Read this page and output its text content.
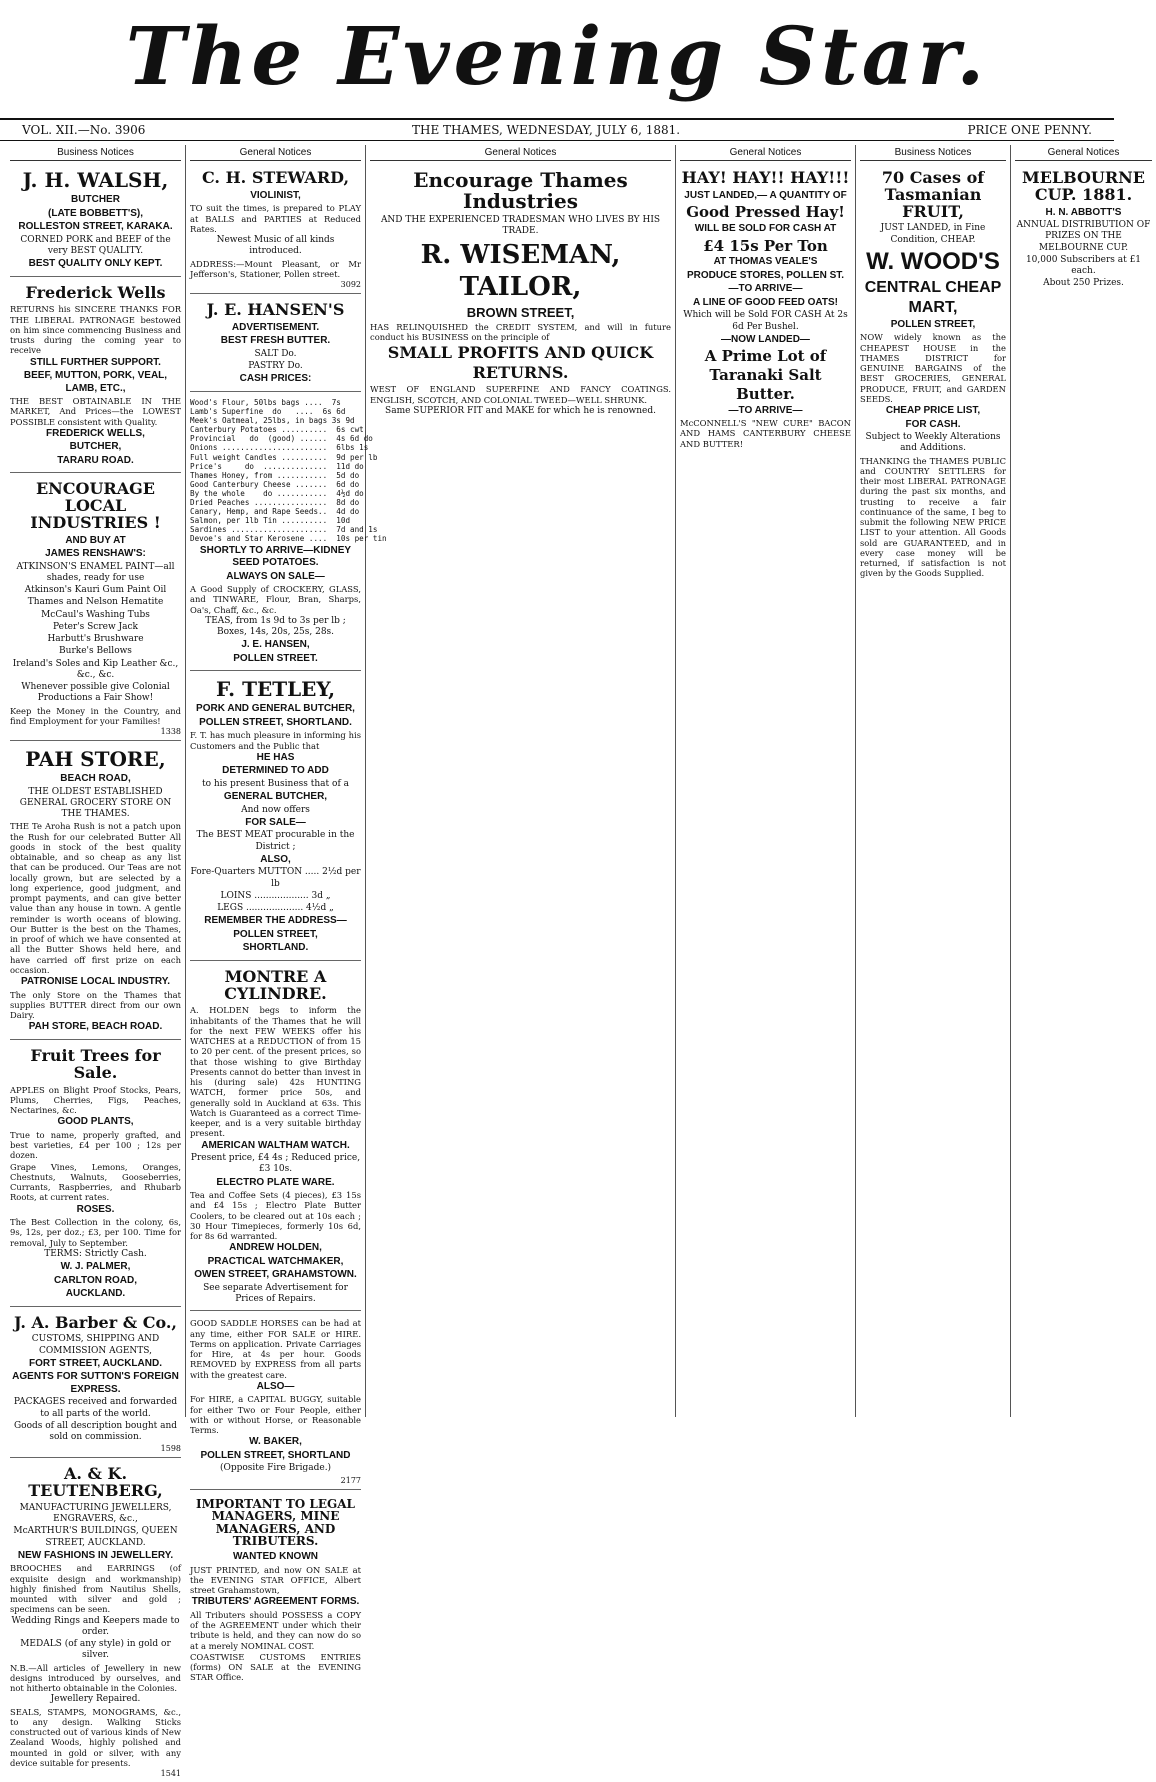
The Evening Star.
VOL. XII.—No. 3906	THE THAMES, WEDNESDAY, JULY 6, 1881.	PRICE ONE PENNY.
Business Notices
J. H. WALSH,
BUTCHER
(LATE BOBBETT'S),
ROLLESTON STREET, KARAKA.
CORNED PORK and BEEF of the very BEST QUALITY.
BEST QUALITY ONLY KEPT.
Frederick Wells
RETURNS his SINCERE THANKS FOR THE LIBERAL PATRONAGE bestowed on him since commencing Business and trusts during the coming year to receive
STILL FURTHER SUPPORT.
BEEF, MUTTON, PORK, VEAL, LAMB, ETC.,
THE BEST OBTAINABLE IN THE MARKET, And Prices—the LOWEST POSSIBLE consistent with Quality.
FREDERICK WELLS,
BUTCHER,
TARARU ROAD.
ENCOURAGE LOCAL INDUSTRIES !
AND BUY AT
JAMES RENSHAW'S:
ATKINSON'S ENAMEL PAINT—all shades, ready for use
Atkinson's Kauri Gum Paint Oil
Thames and Nelson Hematite
McCaul's Washing Tubs
Peter's Screw Jack
Harbutt's Brushware
Burke's Bellows
Ireland's Soles and Kip Leather &c., &c., &c.
Whenever possible give Colonial Productions a Fair Show!
Keep the Money in the Country, and find Employment for your Families!
1338
PAH STORE,
BEACH ROAD,
THE OLDEST ESTABLISHED GENERAL GROCERY STORE ON THE THAMES.
THE Te Aroha Rush is not a patch upon the Rush for our celebrated Butter All goods in stock of the best quality obtainable, and so cheap as any list that can be produced. Our Teas are not locally grown, but are selected by a long experience, good judgment, and prompt payments, and can give better value than any house in town. A gentle reminder is worth oceans of blowing. Our Butter is the best on the Thames, in proof of which we have consented at all the Butter Shows held here, and have carried off first prize on each occasion.
PATRONISE LOCAL INDUSTRY.
The only Store on the Thames that supplies BUTTER direct from our own Dairy.
PAH STORE, BEACH ROAD.
Fruit Trees for Sale.
APPLES on Blight Proof Stocks, Pears, Plums, Cherries, Figs, Peaches, Nectarines, &c.
GOOD PLANTS,
True to name, properly grafted, and best varieties, £4 per 100 ; 12s per dozen.
Grape Vines, Lemons, Oranges, Chestnuts, Walnuts, Gooseberries, Currants, Raspberries, and Rhubarb Roots, at current rates.
ROSES.
The Best Collection in the colony, 6s, 9s, 12s, per doz.; £3, per 100. Time for removal, July to September.
TERMS: Strictly Cash.
W. J. PALMER,
CARLTON ROAD,
AUCKLAND.
J. A. Barber & Co.,
CUSTOMS, SHIPPING AND COMMISSION AGENTS,
FORT STREET, AUCKLAND.
AGENTS FOR SUTTON'S FOREIGN EXPRESS.
PACKAGES received and forwarded to all parts of the world.
Goods of all description bought and sold on commission.
1598
A. & K. TEUTENBERG,
MANUFACTURING JEWELLERS, ENGRAVERS, &c.,
McARTHUR'S BUILDINGS, QUEEN STREET, AUCKLAND.
NEW FASHIONS IN JEWELLERY.
BROOCHES and EARRINGS (of exquisite design and workmanship) highly finished from Nautilus Shells, mounted with silver and gold ; specimens can be seen.
Wedding Rings and Keepers made to order.
MEDALS (of any style) in gold or silver.
N.B.—All articles of Jewellery in new designs introduced by ourselves, and not hitherto obtainable in the Colonies.
Jewellery Repaired.
SEALS, STAMPS, MONOGRAMS, &c., to any design. Walking Sticks constructed out of various kinds of New Zealand Woods, highly polished and mounted in gold or silver, with any device suitable for presents.
1541
General Notices
C. H. STEWARD,
VIOLINIST,
TO suit the times, is prepared to PLAY at BALLS and PARTIES at Reduced Rates.
Newest Music of all kinds introduced.
ADDRESS:—Mount Pleasant, or Mr Jefferson's, Stationer, Pollen street.
3092
J. E. HANSEN'S
ADVERTISEMENT.
BEST FRESH BUTTER.
SALT Do.
PASTRY Do.
CASH PRICES:
Wood's Flour, 50lbs bags ....  7s
Lamb's Superfine  do   ....  6s 6d
Meek's Oatmeal, 25lbs, in bags 3s 9d
Canterbury Potatoes ..........  6s cwt
Provincial   do  (good) ......  4s 6d do
Onions .......................  6lbs 1s
Full weight Candles ..........  9d per lb
Price's     do  ..............  11d do
Thames Honey, from ...........  5d do
Good Canterbury Cheese .......  6d do
By the whole    do ...........  4½d do
Dried Peaches ................  8d do
Canary, Hemp, and Rape Seeds..  4d do
Salmon, per 1lb Tin ..........  10d
Sardines .....................  7d and 1s
Devoe's and Star Kerosene ....  10s per tin
SHORTLY TO ARRIVE—KIDNEY SEED POTATOES.
ALWAYS ON SALE—
A Good Supply of CROCKERY, GLASS, and TINWARE, Flour, Bran, Sharps, Oa's, Chaff, &c., &c.
TEAS, from 1s 9d to 3s per lb ; Boxes, 14s, 20s, 25s, 28s.
J. E. HANSEN,
POLLEN STREET.
F. TETLEY,
PORK AND GENERAL BUTCHER,
POLLEN STREET, SHORTLAND.
F. T. has much pleasure in informing his Customers and the Public that
HE HAS
DETERMINED TO ADD
to his present Business that of a
GENERAL BUTCHER,
And now offers
FOR SALE—
The BEST MEAT procurable in the District ;
ALSO,
Fore-Quarters MUTTON ..... 2½d per lb
LOINS ................... 3d „
LEGS .................... 4½d „
REMEMBER THE ADDRESS—
POLLEN STREET,
SHORTLAND.
MONTRE A CYLINDRE.
A. HOLDEN begs to inform the inhabitants of the Thames that he will for the next FEW WEEKS offer his WATCHES at a REDUCTION of from 15 to 20 per cent. of the present prices, so that those wishing to give Birthday Presents cannot do better than invest in his (during sale) 42s HUNTING WATCH, former price 50s, and generally sold in Auckland at 63s. This Watch is Guaranteed as a correct Time-keeper, and is a very suitable birthday present.
AMERICAN WALTHAM WATCH.
Present price, £4 4s ; Reduced price, £3 10s.
ELECTRO PLATE WARE.
Tea and Coffee Sets (4 pieces), £3 15s and £4 15s ; Electro Plate Butter Coolers, to be cleared out at 10s each ; 30 Hour Timepieces, formerly 10s 6d, for 8s 6d warranted.
ANDREW HOLDEN,
PRACTICAL WATCHMAKER,
OWEN STREET, GRAHAMSTOWN.
See separate Advertisement for Prices of Repairs.
GOOD SADDLE HORSES can be had at any time, either FOR SALE or HIRE. Terms on application. Private Carriages for Hire, at 4s per hour. Goods REMOVED by EXPRESS from all parts with the greatest care.
ALSO—
For HIRE, a CAPITAL BUGGY, suitable for either Two or Four People, either with or without Horse, or Reasonable Terms.
W. BAKER,
POLLEN STREET, SHORTLAND
(Opposite Fire Brigade.)
2177
IMPORTANT TO LEGAL MANAGERS, MINE MANAGERS, AND TRIBUTERS.
WANTED KNOWN
JUST PRINTED, and now ON SALE at the EVENING STAR OFFICE, Albert street Grahamstown,
TRIBUTERS' AGREEMENT FORMS.
All Tributers should POSSESS a COPY of the AGREEMENT under which their tribute is held, and they can now do so at a merely NOMINAL COST.
COASTWISE CUSTOMS ENTRIES (forms) ON SALE at the EVENING STAR Office.
General Notices
Encourage Thames Industries
AND THE EXPERIENCED TRADESMAN WHO LIVES BY HIS TRADE.
R. WISEMAN, TAILOR,
BROWN STREET,
HAS RELINQUISHED the CREDIT SYSTEM, and will in future conduct his BUSINESS on the principle of
SMALL PROFITS AND QUICK RETURNS.
WEST OF ENGLAND SUPERFINE AND FANCY COATINGS. ENGLISH, SCOTCH, AND COLONIAL TWEED—WELL SHRUNK.
Same SUPERIOR FIT and MAKE for which he is renowned.
General Notices
HAY! HAY!! HAY!!!
JUST LANDED,— A QUANTITY OF
Good Pressed Hay!
WILL BE SOLD FOR CASH AT
£4 15s Per Ton
AT THOMAS VEALE'S
PRODUCE STORES, POLLEN ST.
—TO ARRIVE—
A LINE OF GOOD FEED OATS!
Which will be Sold FOR CASH At 2s 6d Per Bushel.
—NOW LANDED—
A Prime Lot of Taranaki Salt Butter.
—TO ARRIVE—
McCONNELL'S "NEW CURE" BACON AND HAMS CANTERBURY CHEESE AND BUTTER!
Business Notices
70 Cases of Tasmanian FRUIT,
JUST LANDED, in Fine Condition, CHEAP.
W. WOOD'S
CENTRAL CHEAP MART,
POLLEN STREET,
NOW widely known as the CHEAPEST HOUSE in the THAMES DISTRICT for GENUINE BARGAINS of the BEST GROCERIES, GENERAL PRODUCE, FRUIT, and GARDEN SEEDS.
CHEAP PRICE LIST,
FOR CASH.
Subject to Weekly Alterations and Additions.
THANKING the THAMES PUBLIC and COUNTRY SETTLERS for their most LIBERAL PATRONAGE during the past six months, and trusting to receive a fair continuance of the same, I beg to submit the following NEW PRICE LIST to your attention. All Goods sold are GUARANTEED, and in every case money will be returned, if satisfaction is not given by the Goods Supplied.
General Notices
MELBOURNE CUP. 1881.
H. N. ABBOTT'S
ANNUAL DISTRIBUTION OF PRIZES ON THE MELBOURNE CUP.
10,000 Subscribers at £1 each.
About 250 Prizes.
